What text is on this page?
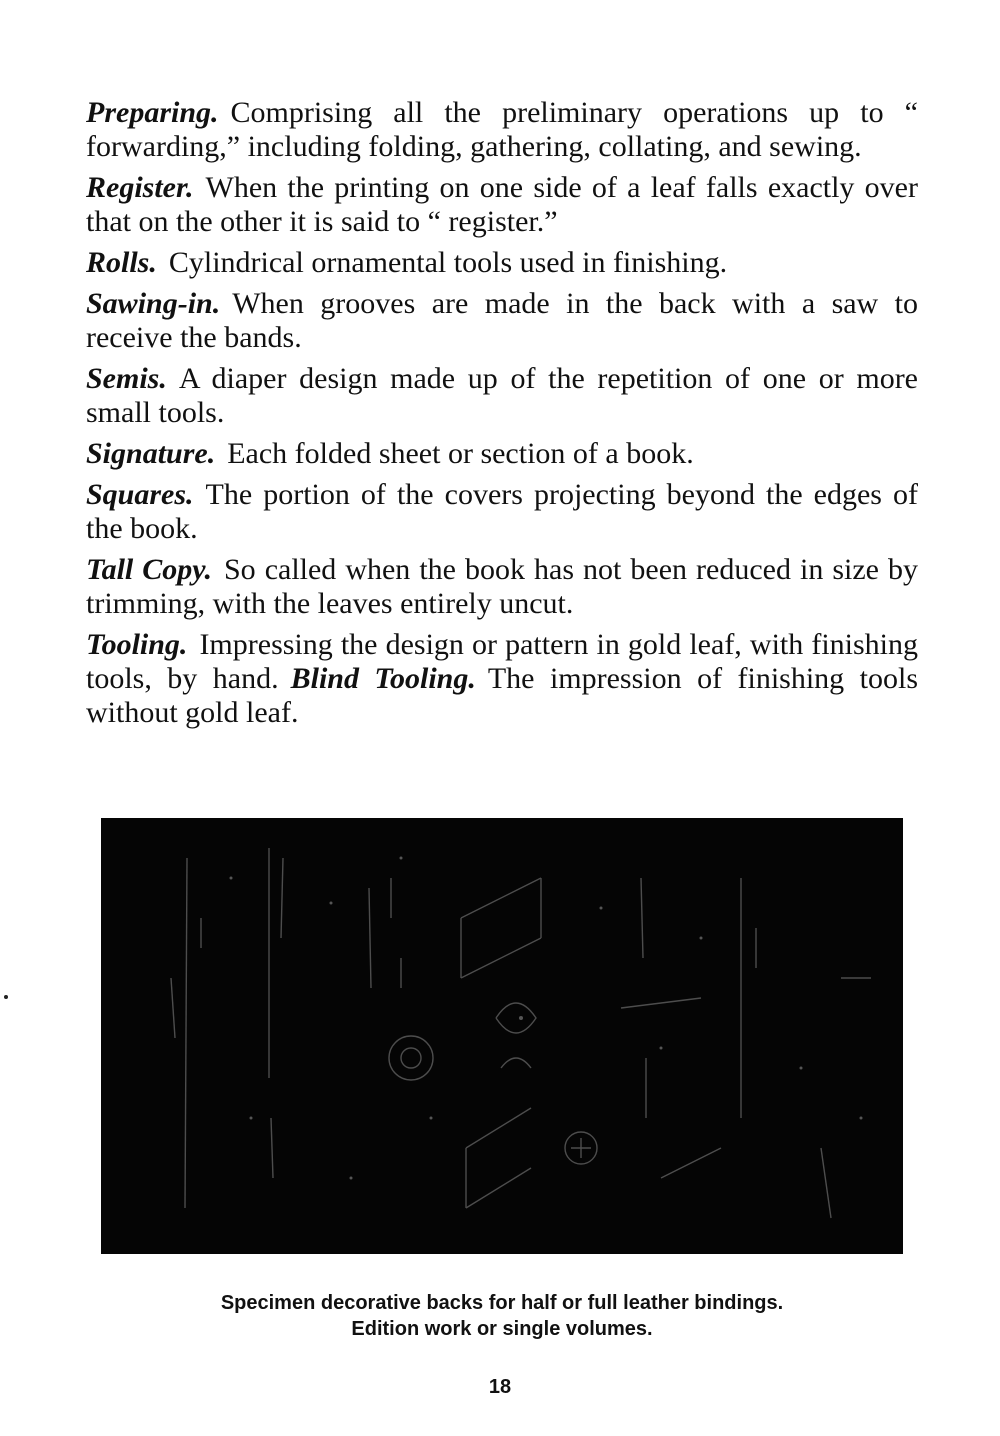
Preparing. Comprising all the preliminary operations up to “ forwarding,” including folding, gathering, collating, and sewing.

Register. When the printing on one side of a leaf falls exactly over that on the other it is said to “ register.”

Rolls. Cylindrical ornamental tools used in finishing.

Sawing-in. When grooves are made in the back with a saw to receive the bands.

Semis. A diaper design made up of the repetition of one or more small tools.

Signature. Each folded sheet or section of a book.

Squares. The portion of the covers projecting beyond the edges of the book.

Tall Copy. So called when the book has not been reduced in size by trimming, with the leaves entirely uncut.

Tooling. Impressing the design or pattern in gold leaf, with finishing tools, by hand. Blind Tooling. The impression of finishing tools without gold leaf.

Specimen decorative backs for half or full leather bindings.
Edition work or single volumes.
18
